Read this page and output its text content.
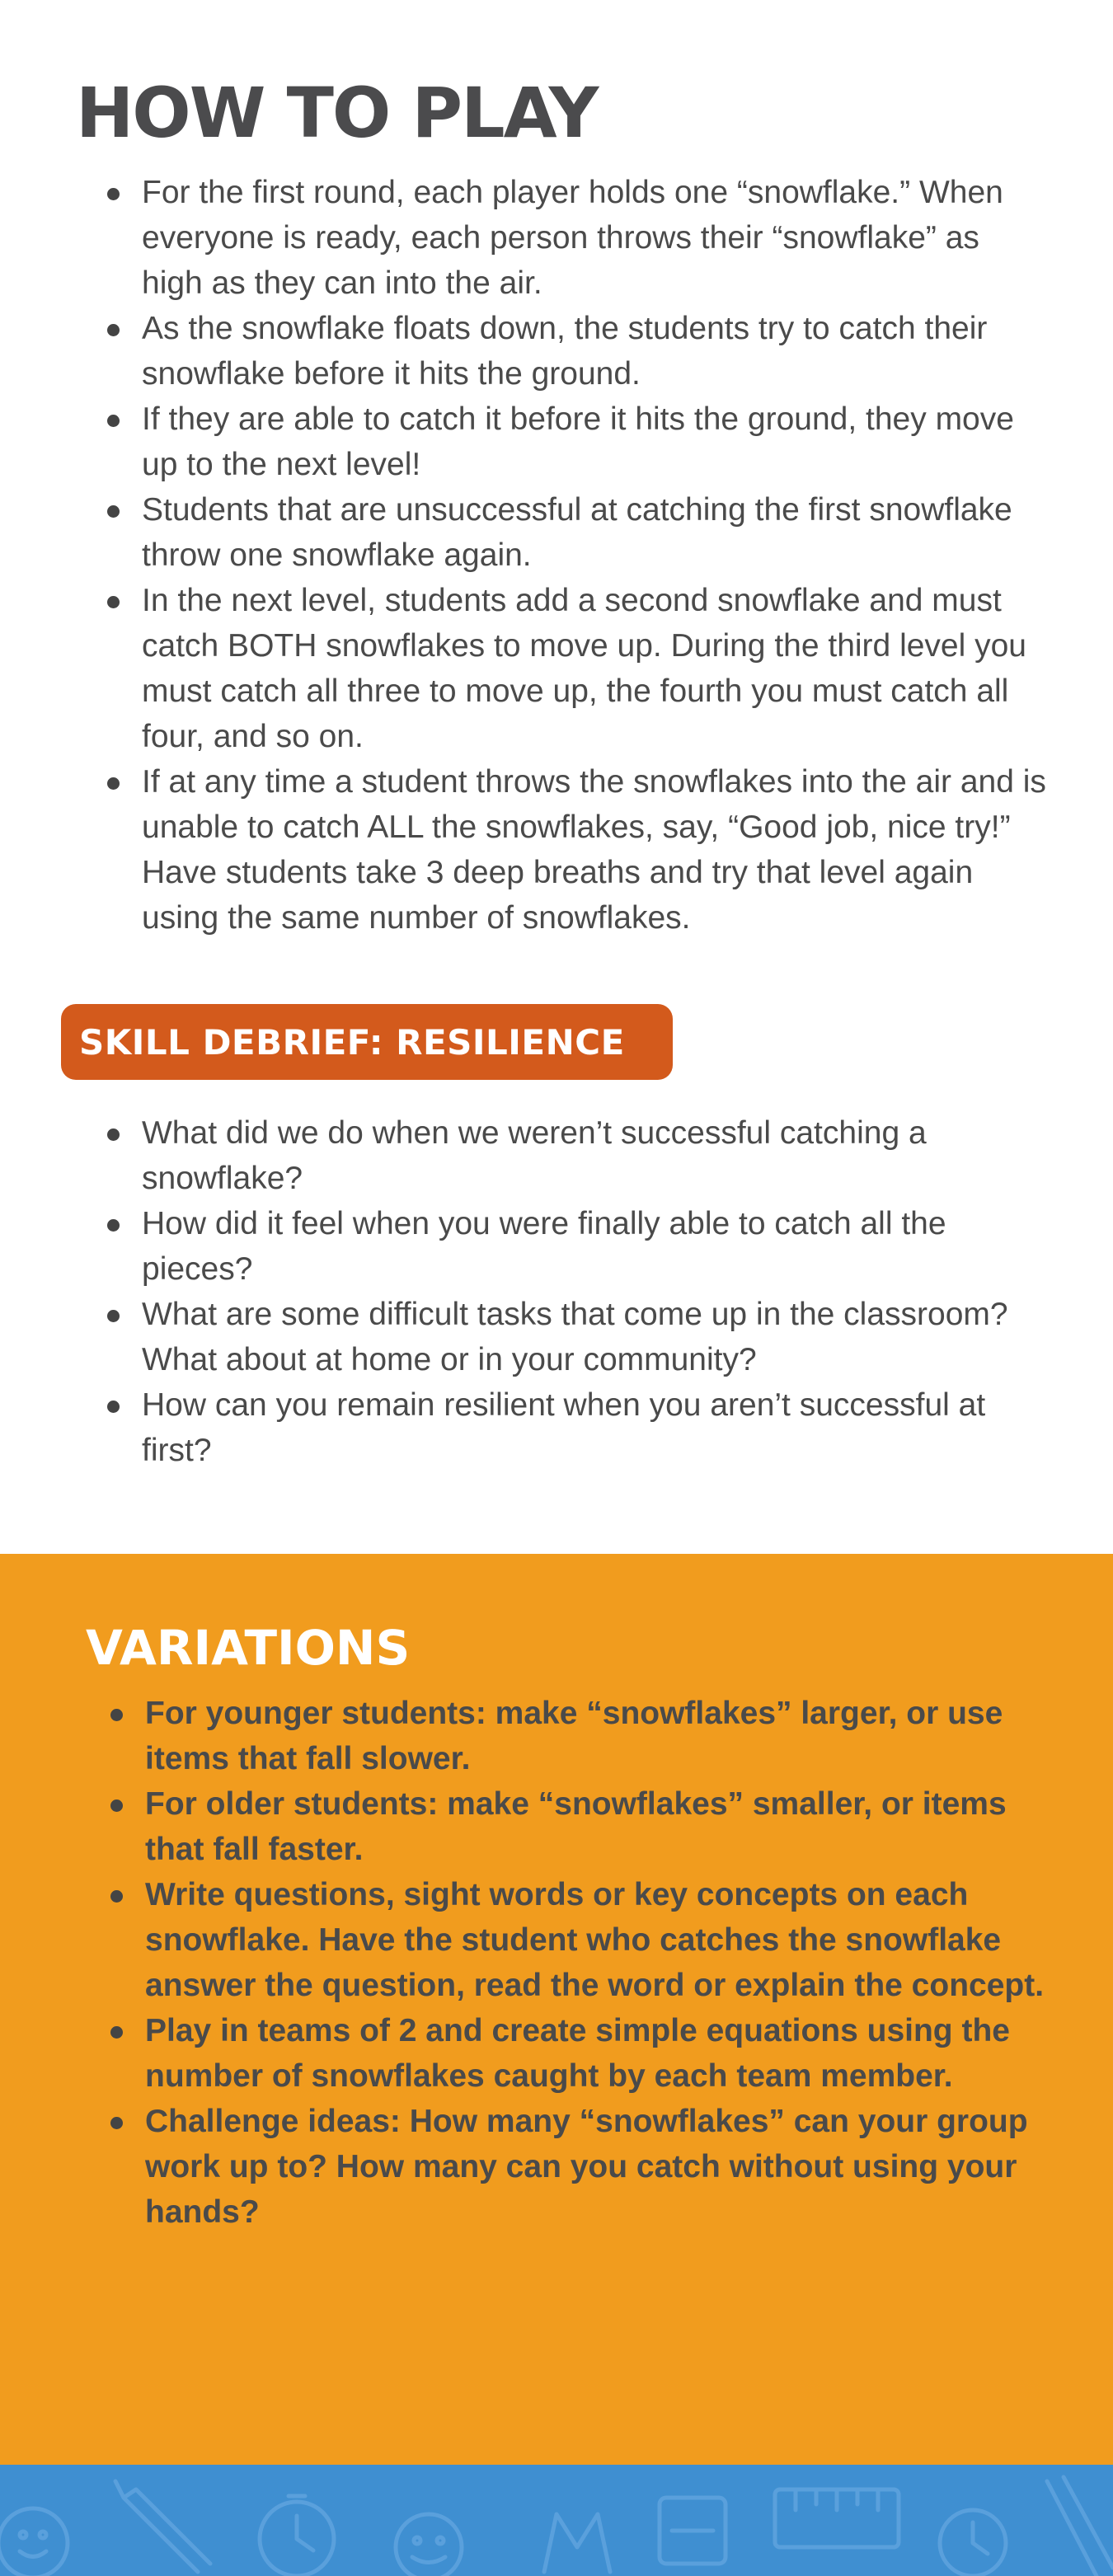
HOW TO PLAY
For the first round, each player holds one “snowflake.” When everyone is ready, each person throws their “snowflake” as high as they can into the air.
As the snowflake floats down, the students try to catch their snowflake before it hits the ground.
If they are able to catch it before it hits the ground, they move up to the next level!
Students that are unsuccessful at catching the first snowflake throw one snowflake again.
In the next level, students add a second snowflake and must catch BOTH snowflakes to move up. During the third level you must catch all three to move up, the fourth you must catch all four, and so on.
If at any time a student throws the snowflakes into the air and is unable to catch ALL the snowflakes, say, “Good job, nice try!” Have students take 3 deep breaths and try that level again using the same number of snowflakes.
SKILL DEBRIEF: RESILIENCE
What did we do when we weren’t successful catching a snowflake?
How did it feel when you were finally able to catch all the pieces?
What are some difficult tasks that come up in the classroom? What about at home or in your community?
How can you remain resilient when you aren’t successful at first?
VARIATIONS
For younger students: make “snowflakes” larger, or use items that fall slower.
For older students: make “snowflakes” smaller, or items that fall faster.
Write questions, sight words or key concepts on each snowflake. Have the student who catches the snowflake answer the question, read the word or explain the concept.
Play in teams of 2 and create simple equations using the number of snowflakes caught by each team member.
Challenge ideas: How many “snowflakes” can your group work up to? How many can you catch without using your hands?
